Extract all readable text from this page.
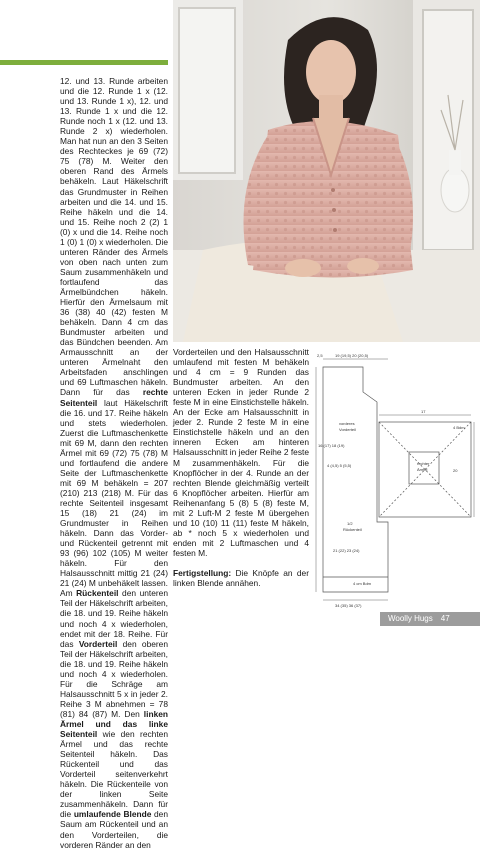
12. und 13. Runde arbeiten und die 12. Runde 1 x (12. und 13. Runde 1 x), 12. und 13. Runde 1 x und die 12. Runde noch 1 x (12. und 13. Runde 2 x) wiederholen. Man hat nun an den 3 Seiten des Rechteckes je 69 (72) 75 (78) M. Weiter den oberen Rand des Ärmels behäkeln. Laut Häkelschrift das Grundmuster in Reihen arbeiten und die 14. und 15. Reihe häkeln und die 14. und 15. Reihe noch 2 (2) 1 (0) x und die 14. Reihe noch 1 (0) 1 (0) x wiederholen. Die unteren Ränder des Ärmels von oben nach unten zum Saum zusammenhäkeln und fortlaufend das Ärmelbündchen häkeln. Hierfür den Ärmelsaum mit 36 (38) 40 (42) festen M behäkeln. Dann 4 cm das Bundmuster arbeiten und das Bündchen beenden. Am Armausschnitt an der unteren Ärmelnaht den Arbeitsfaden anschlingen und 69 Luftmaschen häkeln. Dann für das rechte Seitenteil laut Häkelschrift die 16. und 17. Reihe häkeln und stets wiederholen. Zuerst die Luftmaschenkette mit 69 M, dann den rechten Ärmel mit 69 (72) 75 (78) M und fortlaufend die andere Seite der Luftmaschenkette mit 69 M behäkeln = 207 (210) 213 (218) M. Für das rechte Seitenteil insgesamt 15 (18) 21 (24) im Grundmuster in Reihen häkeln. Dann das Vorder- und Rückenteil getrennt mit 93 (96) 102 (105) M weiter häkeln. Für den Halsausschnitt mittig 21 (24) 21 (24) M unbehäkelt lassen. Am Rückenteil den unteren Teil der Häkelschrift arbeiten, die 18. und 19. Reihe häkeln und noch 4 x wiederholen, endet mit der 18. Reihe. Für das Vorderteil den oberen Teil der Häkelschrift arbeiten, die 18. und 19. Reihe häkeln und noch 4 x wiederholen. Für die Schräge am Halsausschnitt 5 x in jeder 2. Reihe 3 M abnehmen = 78 (81) 84 (87) M. Den linken Ärmel und das linke Seitenteil wie den rechten Ärmel und das rechte Seitenteil häkeln. Das Rückenteil und das Vorderteil seitenverkehrt häkeln. Die Rückenteile von der linken Seite zusammenhäkeln. Dann für die umlaufende Blende den Saum am Rückenteil und an den Vorderteilen, die vorderen Ränder an den
Vorderteilen und den Halsausschnitt umlaufend mit festen M behäkeln und 4 cm = 9 Runden das Bundmuster arbeiten. An den unteren Ecken in jeder Runde 2 feste M in eine Einstichstelle häkeln. An der Ecke am Halsausschnitt in jeder 2. Runde 2 feste M in eine Einstichstelle häkeln und an den inneren Ecken am hinteren Halsausschnitt in jeder Reihe 2 feste M zusammenhäkeln. Für die Knopflöcher in der 4. Runde an der rechten Blende gleichmäßig verteilt 6 Knopflöcher arbeiten. Hierfür am Reihenanfang 5 (8) 5 (8) feste M, mit 2 Luft-M 2 feste M übergehen und 10 (10) 11 (11) feste M häkeln, ab * noch 5 x wiederholen und enden mit 2 Luftmaschen und 4 festen M.
Fertigstellung: Die Knöpfe an der linken Blende annähen.
19 (19,5) 20 (20,5)
2,5
vorderes
Vorderteil
16 (17) 18 (19)
4 (4,5) 5 (5,5)	rechter
Ärmel
17
20
4 Bdm
1/2
Rückenteil
21 (22) 23 (24)
4 cm Bdm
34 (35) 36 (37)
Woolly Hugs 47
